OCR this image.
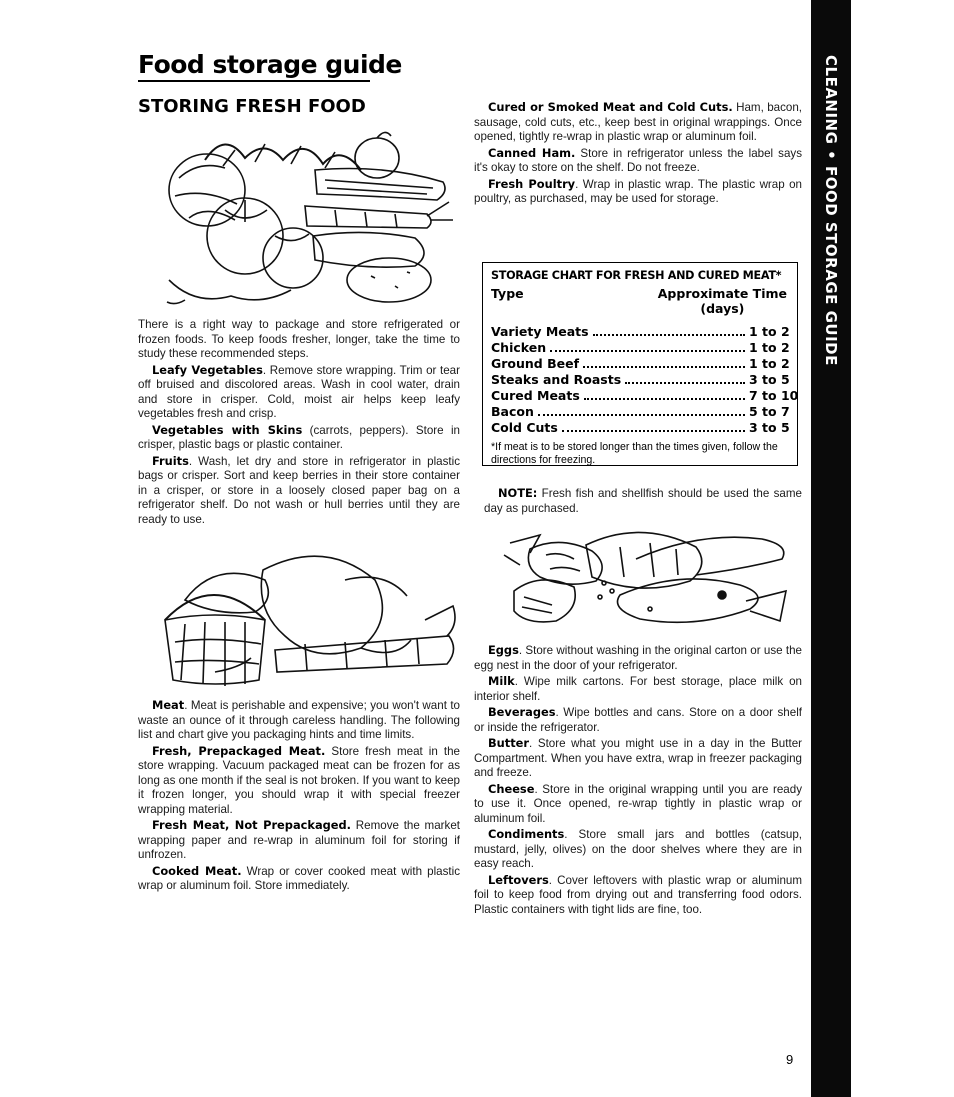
Food storage guide
STORING FRESH FOOD	CLEANING • FOOD STORAGE GUIDE

There is a right way to package and store refrigerated or frozen foods. To keep foods fresher, longer, take the time to study these recommended steps.

Leafy Vegetables. Remove store wrapping. Trim or tear off bruised and discolored areas. Wash in cool water, drain and store in crisper. Cold, moist air helps keep leafy vegetables fresh and crisp.

Vegetables with Skins (carrots, peppers). Store in crisper, plastic bags or plastic container.

Fruits. Wash, let dry and store in refrigerator in plastic bags or crisper. Sort and keep berries in their store container in a crisper, or store in a loosely closed paper bag on a refrigerator shelf. Do not wash or hull berries until they are ready to use.

Meat. Meat is perishable and expensive; you won't want to waste an ounce of it through careless handling. The following list and chart give you packaging hints and time limits.

Fresh, Prepackaged Meat. Store fresh meat in the store wrapping. Vacuum packaged meat can be frozen for as long as one month if the seal is not broken. If you want to keep it frozen longer, you should wrap it with special freezer wrapping material.

Fresh Meat, Not Prepackaged. Remove the market wrapping paper and re-wrap in aluminum foil for storing if unfrozen.

Cooked Meat. Wrap or cover cooked meat with plastic wrap or aluminum foil. Store immediately.

Cured or Smoked Meat and Cold Cuts. Ham, bacon, sausage, cold cuts, etc., keep best in original wrappings. Once opened, tightly re-wrap in plastic wrap or aluminum foil.

Canned Ham. Store in refrigerator unless the label says it's okay to store on the shelf. Do not freeze.

Fresh Poultry. Wrap in plastic wrap. The plastic wrap on poultry, as purchased, may be used for storage.

STORAGE CHART FOR FRESH AND CURED MEAT*
Type	Approximate Time
(days)
Variety Meats	1 to 2
Chicken	1 to 2
Ground Beef	1 to 2
Steaks and Roasts	3 to 5
Cured Meats	7 to 10
Bacon	5 to 7
Cold Cuts	3 to 5
*If meat is to be stored longer than the times given, follow the directions for freezing.

NOTE: Fresh fish and shellfish should be used the same day as purchased.

Eggs. Store without washing in the original carton or use the egg nest in the door of your refrigerator.

Milk. Wipe milk cartons. For best storage, place milk on interior shelf.

Beverages. Wipe bottles and cans. Store on a door shelf or inside the refrigerator.

Butter. Store what you might use in a day in the Butter Compartment. When you have extra, wrap in freezer packaging and freeze.

Cheese. Store in the original wrapping until you are ready to use it. Once opened, re-wrap tightly in plastic wrap or aluminum foil.

Condiments. Store small jars and bottles (catsup, mustard, jelly, olives) on the door shelves where they are in easy reach.

Leftovers. Cover leftovers with plastic wrap or aluminum foil to keep food from drying out and transferring food odors. Plastic containers with tight lids are fine, too.

9
